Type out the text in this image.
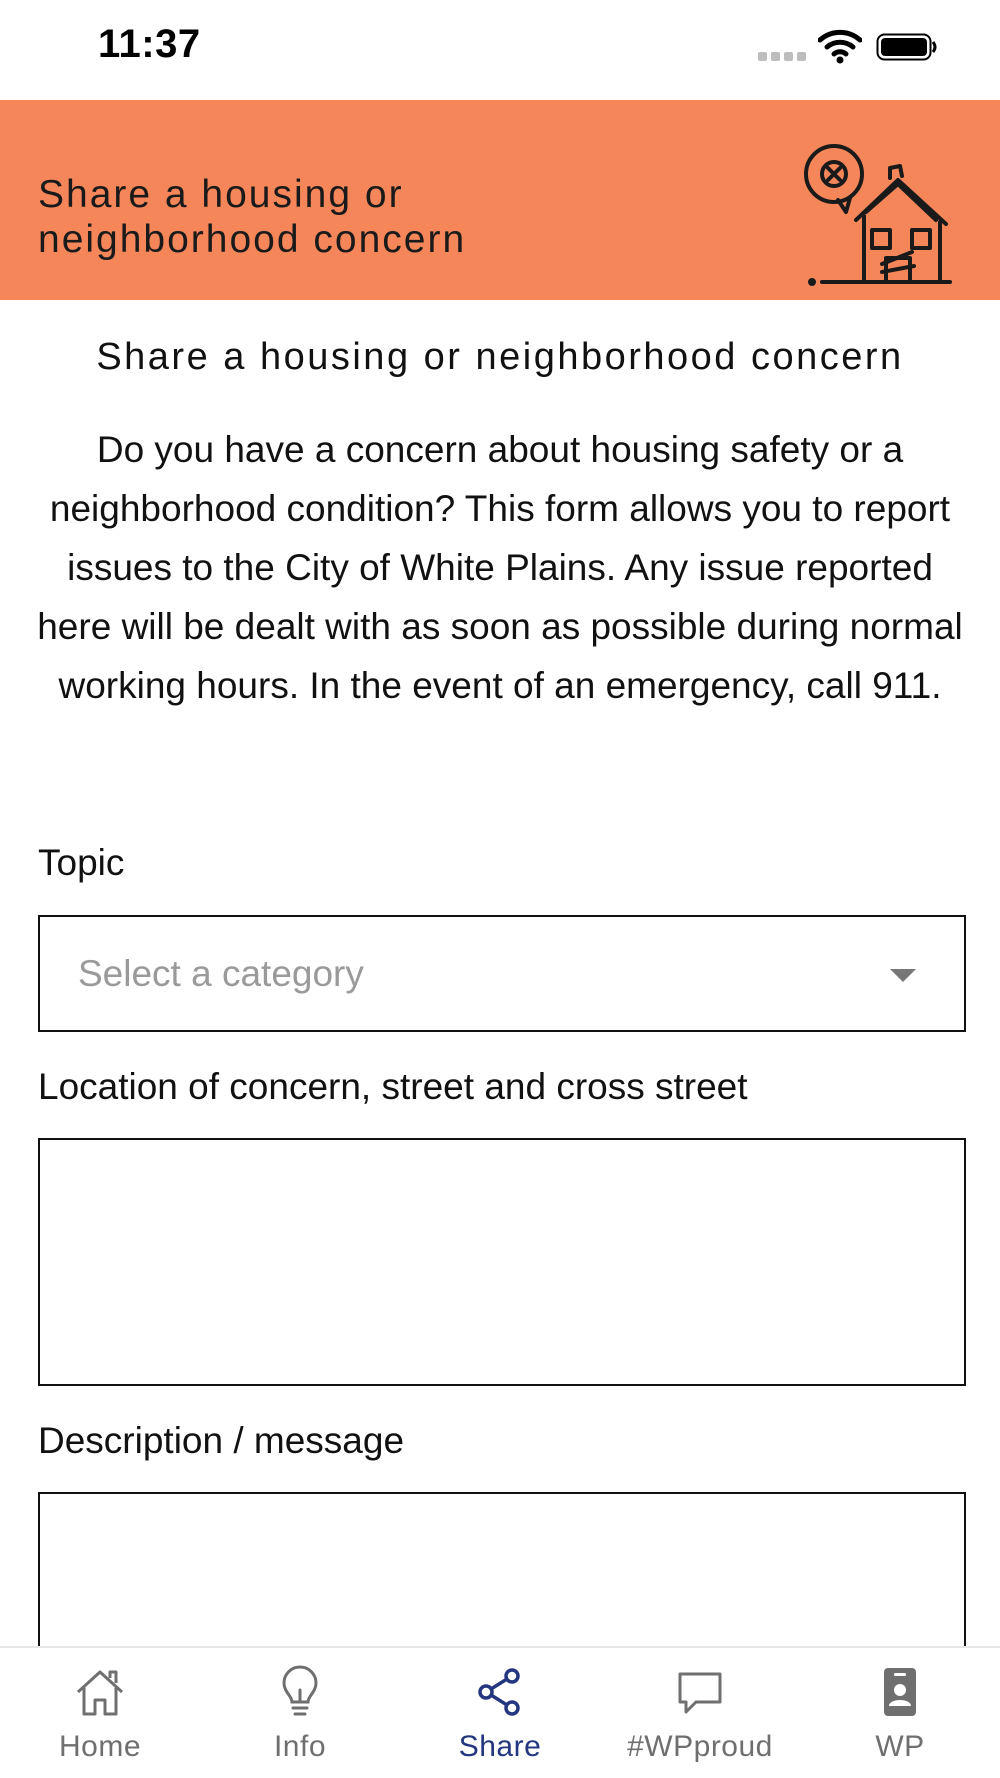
11:37
Share a housing or neighborhood concern
Share a housing or neighborhood concern
Do you have a concern about housing safety or a neighborhood condition? This form allows you to report issues to the City of White Plains. Any issue reported here will be dealt with as soon as possible during normal working hours. In the event of an emergency, call 911.
Topic
Select a category
Location of concern, street and cross street
Description / message
Home	Info	Share	#WPproud	WP
